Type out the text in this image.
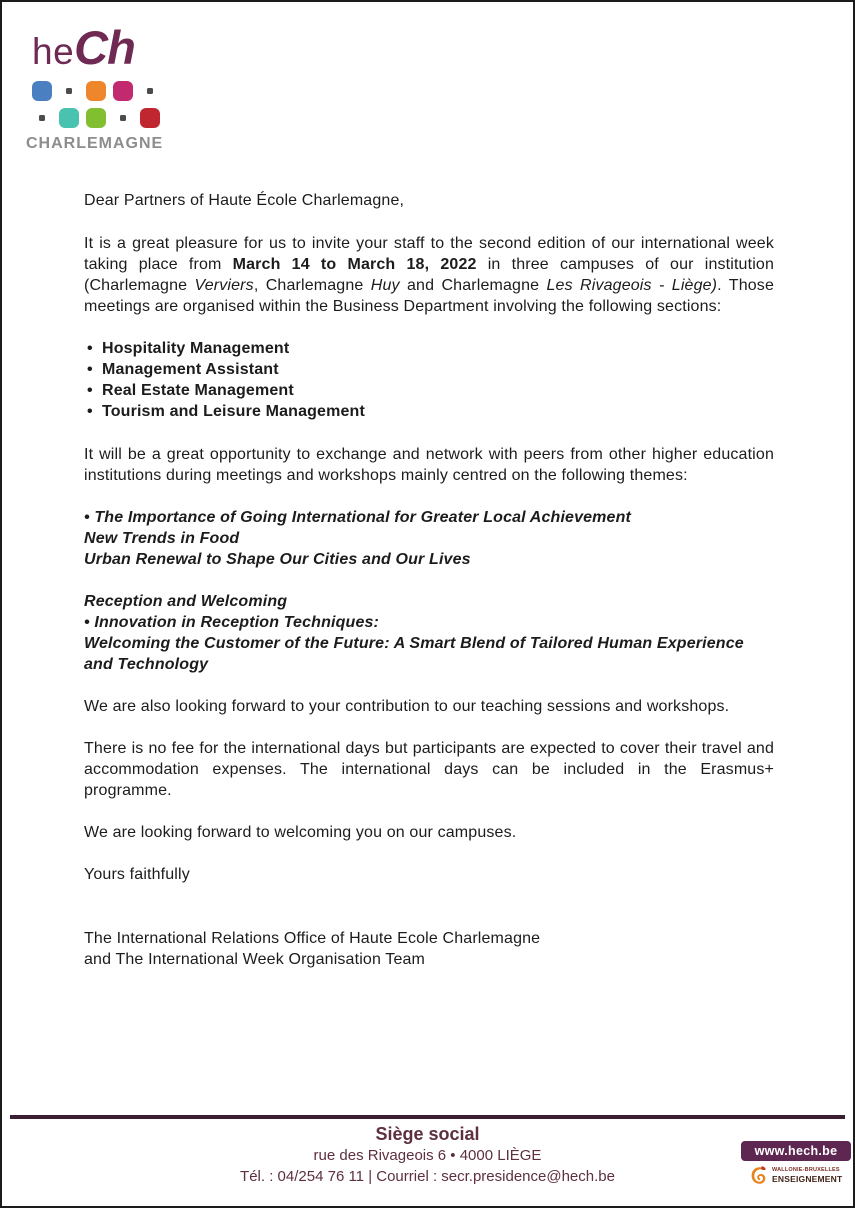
heCh
CHARLEMAGNE

Dear Partners of Haute École Charlemagne,

It is a great pleasure for us to invite your staff to the second edition of our international week taking place from March 14 to March 18, 2022 in three campuses of our institution (Charlemagne Verviers, Charlemagne Huy and Charlemagne Les Rivageois - Liège). Those meetings are organised within the Business Department involving the following sections:

• Hospitality Management
• Management Assistant
• Real Estate Management
• Tourism and Leisure Management

It will be a great opportunity to exchange and network with peers from other higher education institutions during meetings and workshops mainly centred on the following themes:

• The Importance of Going International for Greater Local Achievement
New Trends in Food
Urban Renewal to Shape Our Cities and Our Lives
Reception and Welcoming
• Innovation in Reception Techniques:
Welcoming the Customer of the Future: A Smart Blend of Tailored Human Experience and Technology

We are also looking forward to your contribution to our teaching sessions and workshops.

There is no fee for the international days but participants are expected to cover their travel and accommodation expenses. The international days can be included in the Erasmus+ programme.

We are looking forward to welcoming you on our campuses.

Yours faithfully

The International Relations Office of Haute Ecole Charlemagne
and The International Week Organisation Team

Siège social
rue des Rivageois 6 • 4000 LIÈGE
Tél. : 04/254 76 11 | Courriel : secr.presidence@hech.be
www.hech.be
WALLONIE-BRUXELLES
ENSEIGNEMENT
